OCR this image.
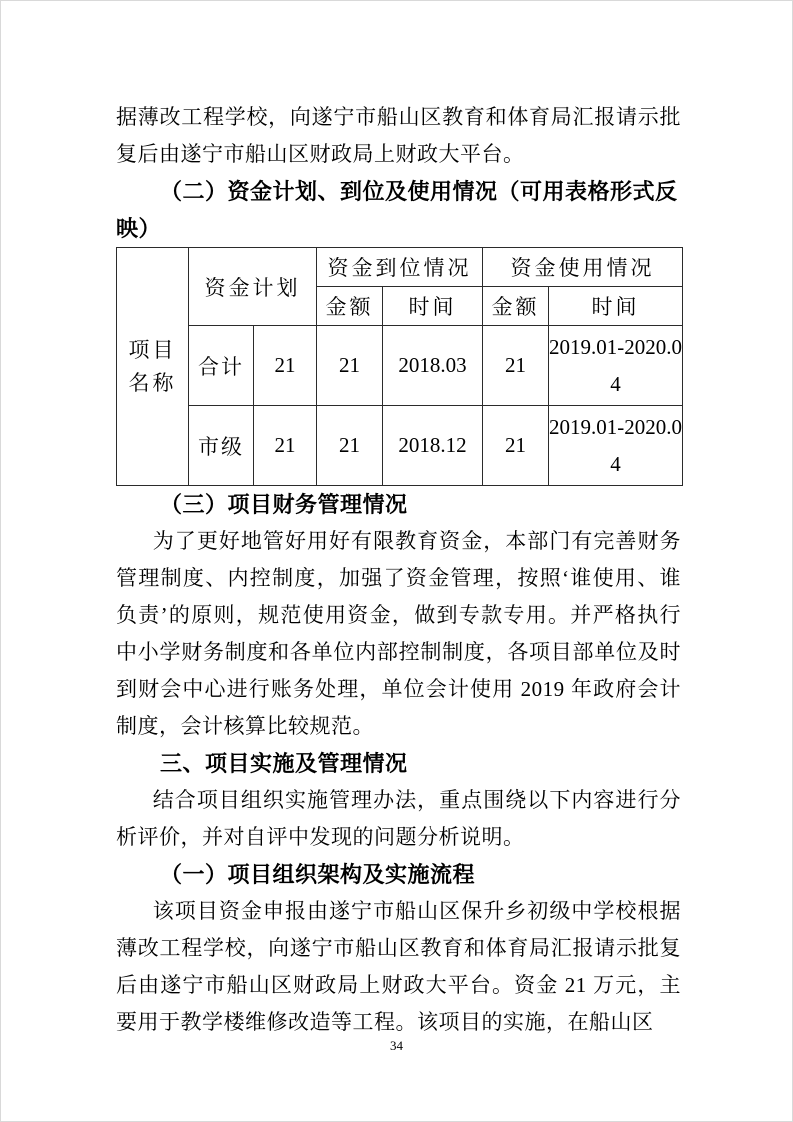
据薄改工程学校，向遂宁市船山区教育和体育局汇报请示批复后由遂宁市船山区财政局上财政大平台。

（二）资金计划、到位及使用情况（可用表格形式反映）

项目名称	资金计划		资金到位情况		资金使用情况	
			金额	时间	金额	时间
	合计	21	21	2018.03	21	2019.01-2020.04
	市级	21	21	2018.12	21	2019.01-2020.04

（三）项目财务管理情况

为了更好地管好用好有限教育资金，本部门有完善财务管理制度、内控制度，加强了资金管理，按照‘谁使用、谁负责’的原则，规范使用资金，做到专款专用。并严格执行中小学财务制度和各单位内部控制制度，各项目部单位及时到财会中心进行账务处理，单位会计使用 2019 年政府会计制度，会计核算比较规范。

三、项目实施及管理情况

结合项目组织实施管理办法，重点围绕以下内容进行分析评价，并对自评中发现的问题分析说明。

（一）项目组织架构及实施流程

该项目资金申报由遂宁市船山区保升乡初级中学校根据薄改工程学校，向遂宁市船山区教育和体育局汇报请示批复后由遂宁市船山区财政局上财政大平台。资金 21 万元，主要用于教学楼维修改造等工程。该项目的实施，在船山区

34
